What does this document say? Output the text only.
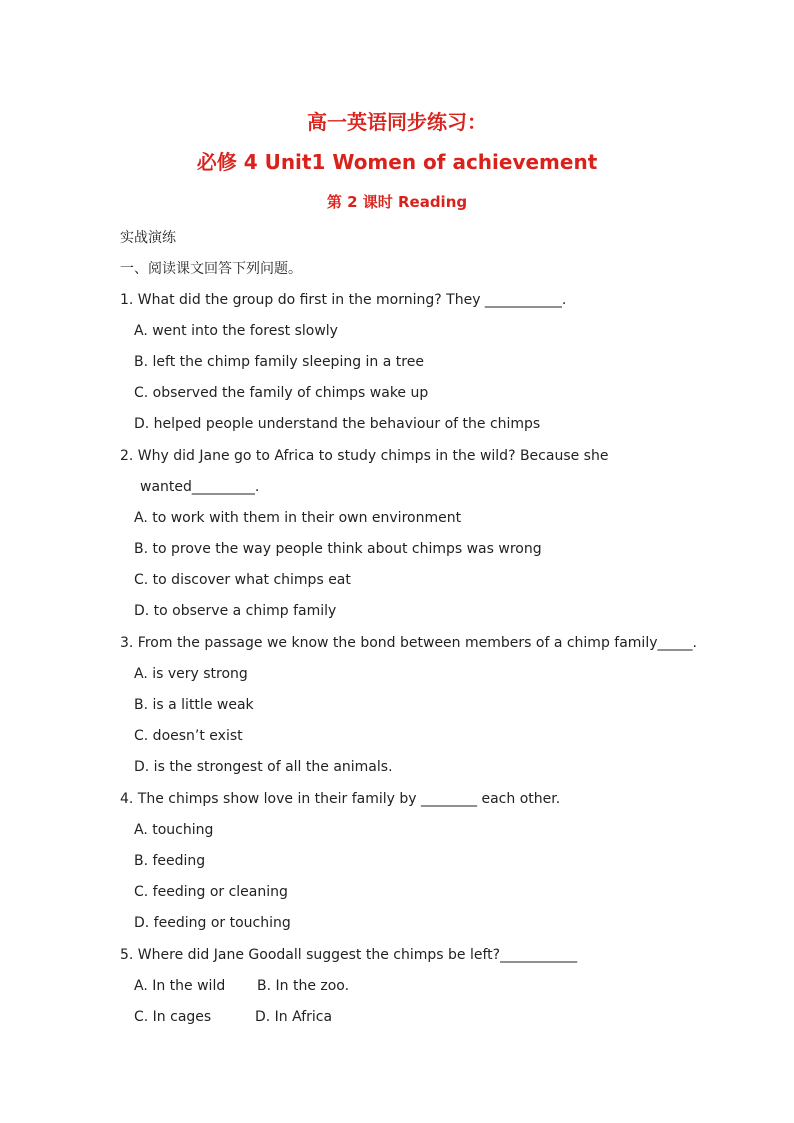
高一英语同步练习：
必修 4 Unit1 Women of achievement
第 2 课时 Reading
实战演练
一、阅读课文回答下列问题。
1. What did the group do first in the morning? They ___________.
A. went into the forest slowly
B. left the chimp family sleeping in a tree
C. observed the family of chimps wake up
D. helped people understand the behaviour of the chimps
2. Why did Jane go to Africa to study chimps in the wild? Because she
wanted_________.
A. to work with them in their own environment
B. to prove the way people think about chimps was wrong
C. to discover what chimps eat
D. to observe a chimp family
3. From the passage we know the bond between members of a chimp family_____.
A. is very strong
B. is a little weak
C. doesn’t exist
D. is the strongest of all the animals.
4. The chimps show love in their family by ________ each other.
A. touching
B. feeding
C. feeding or cleaning
D. feeding or touching
5. Where did Jane Goodall suggest the chimps be left?___________
A. In the wild B. In the zoo.
C. In cages	D. In Africa
